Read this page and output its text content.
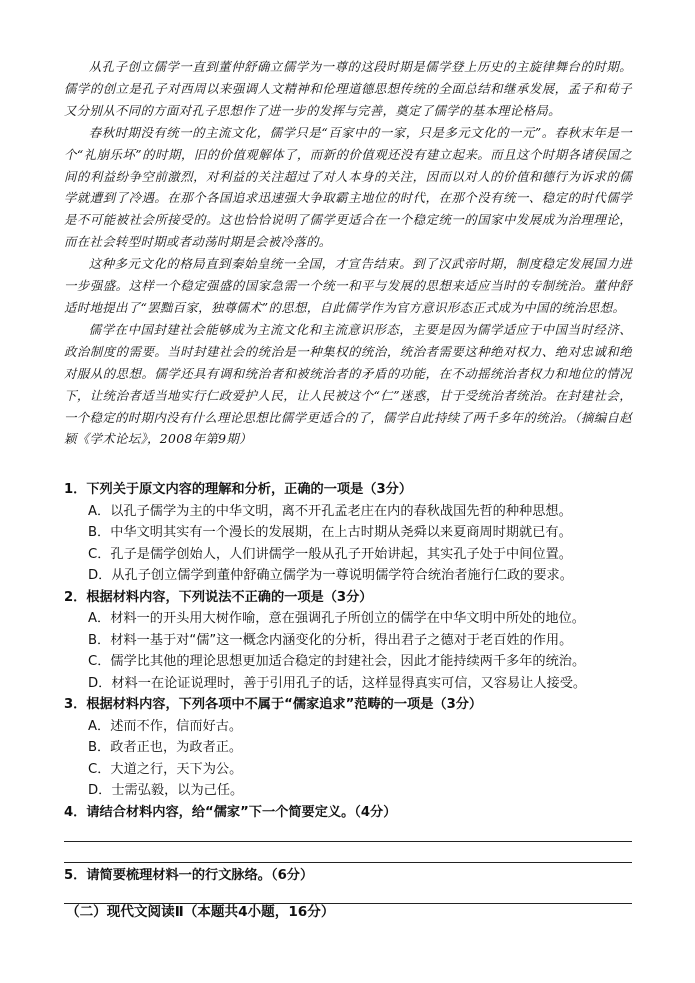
从孔子创立儒学一直到董仲舒确立儒学为一尊的这段时期是儒学登上历史的主旋律舞台的时期。儒学的创立是孔子对西周以来强调人文精神和伦理道德思想传统的全面总结和继承发展，孟子和荀子又分别从不同的方面对孔子思想作了进一步的发挥与完善，奠定了儒学的基本理论格局。

春秋时期没有统一的主流文化，儒学只是“百家中的一家，只是多元文化的一元”。春秋末年是一个“礼崩乐坏”的时期，旧的价值观解体了，而新的价值观还没有建立起来。而且这个时期各诸侯国之间的利益纷争空前激烈，对利益的关注超过了对人本身的关注，因而以对人的价值和德行为诉求的儒学就遭到了冷遇。在那个各国追求迅速强大争取霸主地位的时代，在那个没有统一、稳定的时代儒学是不可能被社会所接受的。这也恰恰说明了儒学更适合在一个稳定统一的国家中发展成为治理理论，而在社会转型时期或者动荡时期是会被冷落的。

这种多元文化的格局直到秦始皇统一全国，才宣告结束。到了汉武帝时期，制度稳定发展国力进一步强盛。这样一个稳定强盛的国家急需一个统一和平与发展的思想来适应当时的专制统治。董仲舒适时地提出了“罢黜百家，独尊儒术”的思想，自此儒学作为官方意识形态正式成为中国的统治思想。

儒学在中国封建社会能够成为主流文化和主流意识形态，主要是因为儒学适应于中国当时经济、政治制度的需要。当时封建社会的统治是一种集权的统治，统治者需要这种绝对权力、绝对忠诚和绝对服从的思想。儒学还具有调和统治者和被统治者的矛盾的功能，在不动摇统治者权力和地位的情况下，让统治者适当地实行仁政爱护人民，让人民被这个“仁”迷惑，甘于受统治者统治。在封建社会，一个稳定的时期内没有什么理论思想比儒学更适合的了，儒学自此持续了两千多年的统治。（摘编自赵颖《学术论坛》，2008年第9期）

1．下列关于原文内容的理解和分析，正确的一项是（3分）
A．以孔子儒学为主的中华文明，离不开孔孟老庄在内的春秋战国先哲的种种思想。
B．中华文明其实有一个漫长的发展期，在上古时期从尧舜以来夏商周时期就已有。
C．孔子是儒学创始人，人们讲儒学一般从孔子开始讲起，其实孔子处于中间位置。
D．从孔子创立儒学到董仲舒确立儒学为一尊说明儒学符合统治者施行仁政的要求。
2．根据材料内容，下列说法不正确的一项是（3分）
A．材料一的开头用大树作喻，意在强调孔子所创立的儒学在中华文明中所处的地位。
B．材料一基于对“儒”这一概念内涵变化的分析，得出君子之德对于老百姓的作用。
C．儒学比其他的理论思想更加适合稳定的封建社会，因此才能持续两千多年的统治。
D．材料一在论证说理时，善于引用孔子的话，这样显得真实可信，又容易让人接受。
3．根据材料内容，下列各项中不属于“儒家追求”范畴的一项是（3分）
A．述而不作，信而好古。
B．政者正也，为政者正。
C．大道之行，天下为公。
D．士需弘毅，以为己任。
4．请结合材料内容，给“儒家”下一个简要定义。（4分）
5．请简要梳理材料一的行文脉络。（6分）
（二）现代文阅读Ⅱ（本题共4小题，16分）
